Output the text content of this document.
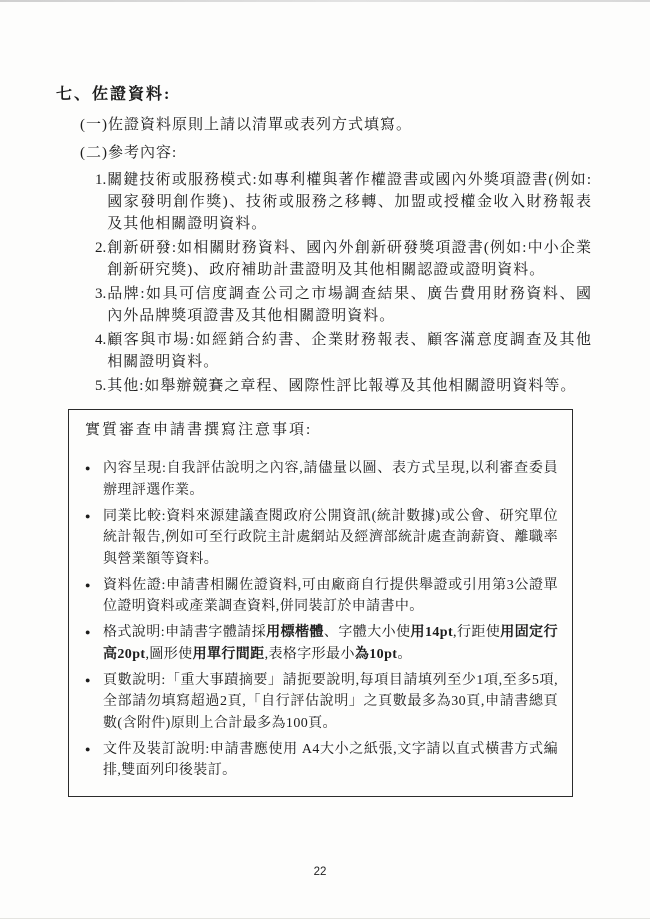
七、佐證資料:
(一)佐證資料原則上請以清單或表列方式填寫。
(二)參考內容:
1. 關鍵技術或服務模式:如專利權與著作權證書或國內外獎項證書(例如:國家發明創作獎)、技術或服務之移轉、加盟或授權金收入財務報表及其他相關證明資料。
2. 創新研發:如相關財務資料、國內外創新研發獎項證書(例如:中小企業創新研究獎)、政府補助計畫證明及其他相關認證或證明資料。
3. 品牌:如具可信度調查公司之市場調查結果、廣告費用財務資料、國內外品牌獎項證書及其他相關證明資料。
4. 顧客與市場:如經銷合約書、企業財務報表、顧客滿意度調查及其他相關證明資料。
5. 其他:如舉辦競賽之章程、國際性評比報導及其他相關證明資料等。
實質審查申請書撰寫注意事項:
● 內容呈現:自我評估說明之內容,請儘量以圖、表方式呈現,以利審查委員辦理評選作業。
● 同業比較:資料來源建議查閱政府公開資訊(統計數據)或公會、研究單位統計報告,例如可至行政院主計處網站及經濟部統計處查詢薪資、離職率與營業額等資料。
● 資料佐證:申請書相關佐證資料,可由廠商自行提供舉證或引用第3公證單位證明資料或產業調查資料,併同裝訂於申請書中。
● 格式說明:申請書字體請採用標楷體、字體大小使用14pt,行距使用固定行高20pt,圖形使用單行間距,表格字形最小為10pt。
● 頁數說明:「重大事蹟摘要」請扼要說明,每項目請填列至少1項,至多5項,全部請勿填寫超過2頁,「自行評估說明」之頁數最多為30頁,申請書總頁數(含附件)原則上合計最多為100頁。
● 文件及裝訂說明:申請書應使用 A4大小之紙張,文字請以直式橫書方式編排,雙面列印後裝訂。
22
